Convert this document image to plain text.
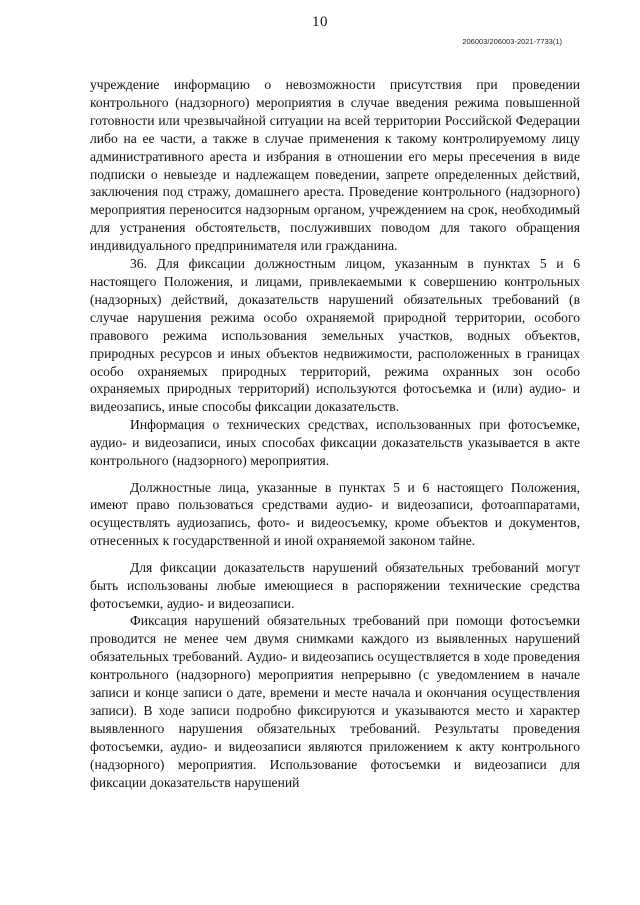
10
206003/206003-2021-7733(1)

учреждение информацию о невозможности присутствия при проведении контрольного (надзорного) мероприятия в случае введения режима повышенной готовности или чрезвычайной ситуации на всей территории Российской Федерации либо на ее части, а также в случае применения к такому контролируемому лицу административного ареста и избрания в отношении его меры пресечения в виде подписки о невыезде и надлежащем поведении, запрете определенных действий, заключения под стражу, домашнего ареста. Проведение контрольного (надзорного) мероприятия переносится надзорным органом, учреждением на срок, необходимый для устранения обстоятельств, послуживших поводом для такого обращения индивидуального предпринимателя или гражданина.

36. Для фиксации должностным лицом, указанным в пунктах 5 и 6 настоящего Положения, и лицами, привлекаемыми к совершению контрольных (надзорных) действий, доказательств нарушений обязательных требований (в случае нарушения режима особо охраняемой природной территории, особого правового режима использования земельных участков, водных объектов, природных ресурсов и иных объектов недвижимости, расположенных в границах особо охраняемых природных территорий, режима охранных зон особо охраняемых природных территорий) используются фотосъемка и (или) аудио- и видеозапись, иные способы фиксации доказательств.

Информация о технических средствах, использованных при фотосъемке, аудио- и видеозаписи, иных способах фиксации доказательств указывается в акте контрольного (надзорного) мероприятия.

Должностные лица, указанные в пунктах 5 и 6 настоящего Положения, имеют право пользоваться средствами аудио- и видеозаписи, фотоаппаратами, осуществлять аудиозапись, фото- и видеосъемку, кроме объектов и документов, отнесенных к государственной и иной охраняемой законом тайне.

Для фиксации доказательств нарушений обязательных требований могут быть использованы любые имеющиеся в распоряжении технические средства фотосъемки, аудио- и видеозаписи.

Фиксация нарушений обязательных требований при помощи фотосъемки проводится не менее чем двумя снимками каждого из выявленных нарушений обязательных требований. Аудио- и видеозапись осуществляется в ходе проведения контрольного (надзорного) мероприятия непрерывно (с уведомлением в начале записи и конце записи о дате, времени и месте начала и окончания осуществления записи). В ходе записи подробно фиксируются и указываются место и характер выявленного нарушения обязательных требований. Результаты проведения фотосъемки, аудио- и видеозаписи являются приложением к акту контрольного (надзорного) мероприятия. Использование фотосъемки и видеозаписи для фиксации доказательств нарушений
